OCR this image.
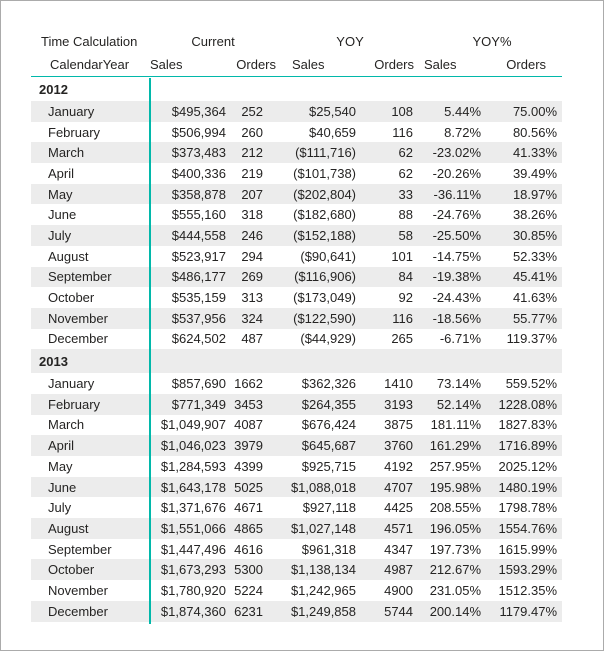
Time Calculation	Current		YOY		YOY%	
CalendarYear	Sales	Orders	Sales	Orders	Sales	Orders
2012						
January	$495,364	252	$25,540	108	5.44%	75.00%
February	$506,994	260	$40,659	116	8.72%	80.56%
March	$373,483	212	($111,716)	62	-23.02%	41.33%
April	$400,336	219	($101,738)	62	-20.26%	39.49%
May	$358,878	207	($202,804)	33	-36.11%	18.97%
June	$555,160	318	($182,680)	88	-24.76%	38.26%
July	$444,558	246	($152,188)	58	-25.50%	30.85%
August	$523,917	294	($90,641)	101	-14.75%	52.33%
September	$486,177	269	($116,906)	84	-19.38%	45.41%
October	$535,159	313	($173,049)	92	-24.43%	41.63%
November	$537,956	324	($122,590)	116	-18.56%	55.77%
December	$624,502	487	($44,929)	265	-6.71%	119.37%
2013						
January	$857,690	1662	$362,326	1410	73.14%	559.52%
February	$771,349	3453	$264,355	3193	52.14%	1228.08%
March	$1,049,907	4087	$676,424	3875	181.11%	1827.83%
April	$1,046,023	3979	$645,687	3760	161.29%	1716.89%
May	$1,284,593	4399	$925,715	4192	257.95%	2025.12%
June	$1,643,178	5025	$1,088,018	4707	195.98%	1480.19%
July	$1,371,676	4671	$927,118	4425	208.55%	1798.78%
August	$1,551,066	4865	$1,027,148	4571	196.05%	1554.76%
September	$1,447,496	4616	$961,318	4347	197.73%	1615.99%
October	$1,673,293	5300	$1,138,134	4987	212.67%	1593.29%
November	$1,780,920	5224	$1,242,965	4900	231.05%	1512.35%
December	$1,874,360	6231	$1,249,858	5744	200.14%	1179.47%
